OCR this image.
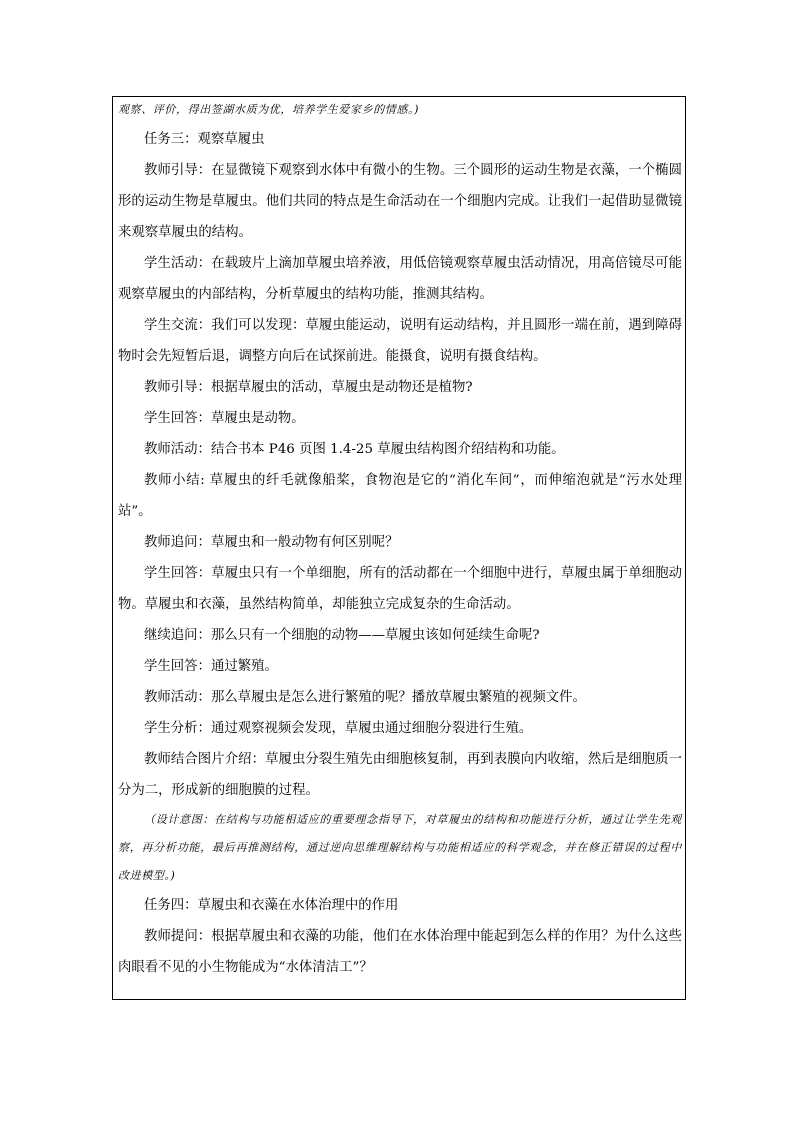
观察、评价，得出签湖水质为优，培养学生爱家乡的情感。)

任务三：观察草履虫

教师引导：在显微镜下观察到水体中有微小的生物。三个圆形的运动生物是衣藻，一个椭圆形的运动生物是草履虫。他们共同的特点是生命活动在一个细胞内完成。让我们一起借助显微镜来观察草履虫的结构。

学生活动：在载玻片上滴加草履虫培养液，用低倍镜观察草履虫活动情况，用高倍镜尽可能观察草履虫的内部结构，分析草履虫的结构功能，推测其结构。

学生交流：我们可以发现：草履虫能运动，说明有运动结构，并且圆形一端在前，遇到障碍物时会先短暂后退，调整方向后在试探前进。能摄食，说明有摄食结构。

教师引导：根据草履虫的活动，草履虫是动物还是植物?

学生回答：草履虫是动物。

教师活动：结合书本 P46 页图 1.4-25 草履虫结构图介绍结构和功能。

教师小结: 草履虫的纤毛就像船桨，食物泡是它的“消化车间”，而伸缩泡就是“污水处理站”。

教师追问：草履虫和一般动物有何区别呢？

学生回答：草履虫只有一个单细胞，所有的活动都在一个细胞中进行，草履虫属于单细胞动物。草履虫和衣藻，虽然结构简单，却能独立完成复杂的生命活动。

继续追问：那么只有一个细胞的动物——草履虫该如何延续生命呢?

学生回答：通过繁殖。

教师活动：那么草履虫是怎么进行繁殖的呢？播放草履虫繁殖的视频文件。

学生分析：通过观察视频会发现，草履虫通过细胞分裂进行生殖。

教师结合图片介绍：草履虫分裂生殖先由细胞核复制，再到表膜向内收缩，然后是细胞质一分为二，形成新的细胞膜的过程。

（设计意图：在结构与功能相适应的重要理念指导下，对草履虫的结构和功能进行分析，通过让学生先观察，再分析功能，最后再推测结构，通过逆向思维理解结构与功能相适应的科学观念，并在修正错误的过程中改进模型。)

任务四：草履虫和衣藻在水体治理中的作用

教师提问：根据草履虫和衣藻的功能，他们在水体治理中能起到怎么样的作用？为什么这些肉眼看不见的小生物能成为“水体清洁工”？
